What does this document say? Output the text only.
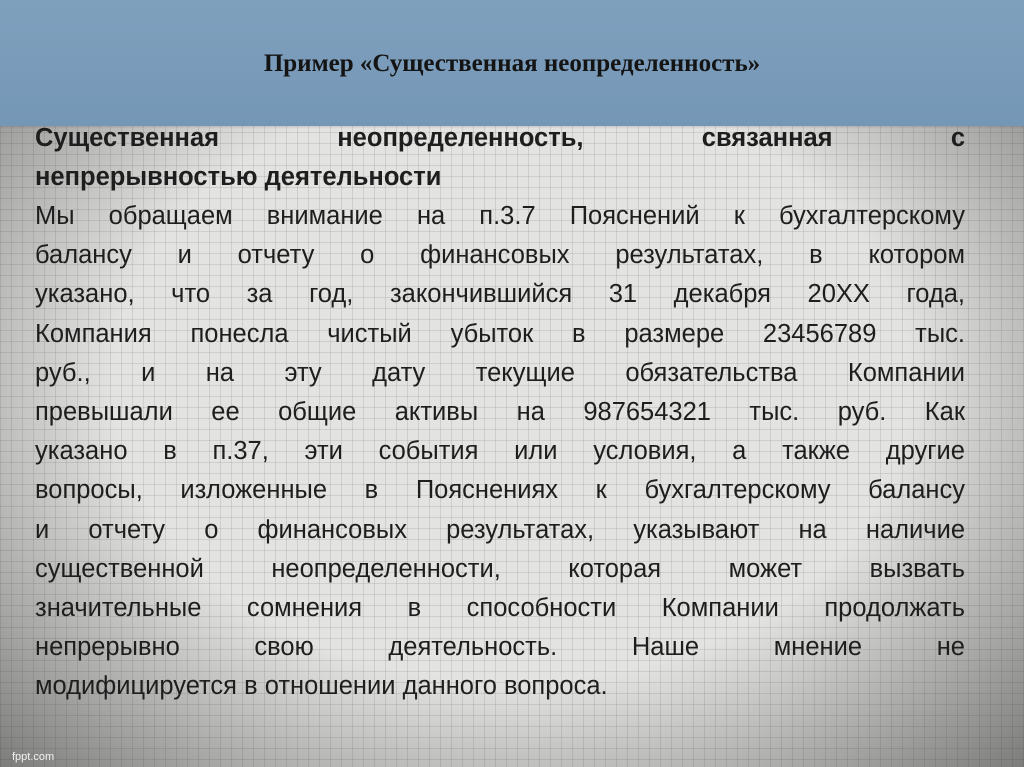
Пример «Существенная неопределенность»

Существенная неопределенность, связанная с
непрерывностью деятельности

Мы обращаем внимание на п.3.7 Пояснений к бухгалтерскому
балансу и отчету о финансовых результатах, в котором
указано, что за год, закончившийся 31 декабря 20XX года,
Компания понесла чистый убыток в размере 23456789 тыс.
руб., и на эту дату текущие обязательства Компании
превышали ее общие активы на 987654321 тыс. руб. Как
указано в п.37, эти события или условия, а также другие
вопросы, изложенные в Пояснениях к бухгалтерскому балансу
и отчету о финансовых результатах, указывают на наличие
существенной неопределенности, которая может вызвать
значительные сомнения в способности Компании продолжать
непрерывно свою деятельность. Наше мнение не
модифицируется в отношении данного вопроса.

fppt.com
